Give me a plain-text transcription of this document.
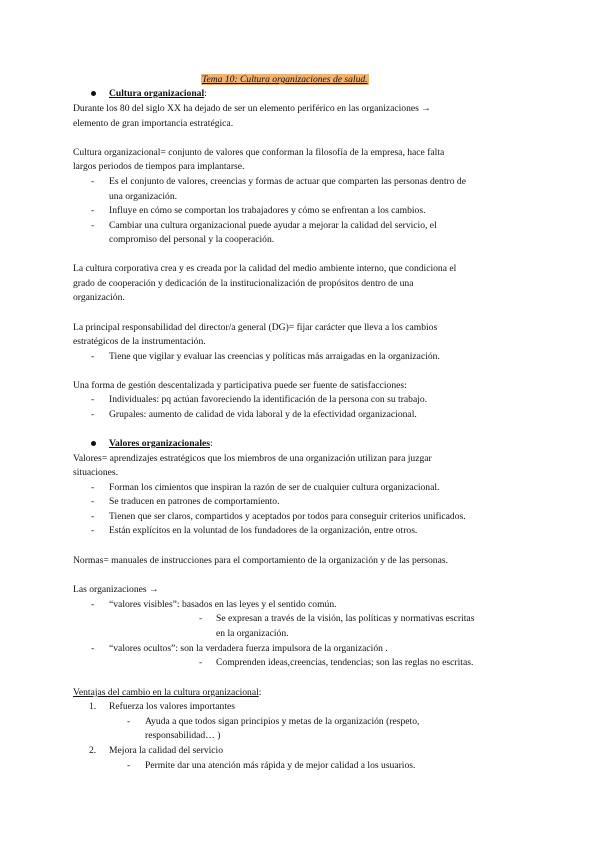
Tema 10: Cultura organizaciones de salud.
Cultura organizacional:
Durante los 80 del siglo XX ha dejado de ser un elemento periférico en las organizaciones →
elemento de gran importancia estratégica.
Cultura organizacional= conjunto de valores que conforman la filosofía de la empresa, hace falta
largos periodos de tiempos para implantarse.
- Es el conjunto de valores, creencias y formas de actuar que comparten las personas dentro de
una organización.
- Influye en cómo se comportan los trabajadores y cómo se enfrentan a los cambios.
- Cambiar una cultura organizacional puede ayudar a mejorar la calidad del servicio, el
compromiso del personal y la cooperación.
La cultura corporativa crea y es creada por la calidad del medio ambiente interno, que condiciona el
grado de cooperación y dedicación de la institucionalización de propósitos dentro de una
organización.
La principal responsabilidad del director/a general (DG)= fijar carácter que lleva a los cambios
estratégicos de la instrumentación.
- Tiene que vigilar y evaluar las creencias y políticas más arraigadas en la organización.
Una forma de gestión descentalizada y participativa puede ser fuente de satisfacciones:
- Individuales: pq actúan favoreciendo la identificación de la persona con su trabajo.
- Grupales: aumento de calidad de vida laboral y de la efectividad organizacional.
Valores organizacionales:
Valores= aprendizajes estratégicos que los miembros de una organización utilizan para juzgar
situaciones.
- Forman los cimientos que inspiran la razón de ser de cualquier cultura organizacional.
- Se traducen en patrones de comportamiento.
- Tienen que ser claros, compartidos y aceptados por todos para conseguir criterios unificados.
- Están explícitos en la voluntad de los fundadores de la organización, entre otros.
Normas= manuales de instrucciones para el comportamiento de la organización y de las personas.
Las organizaciones →
- “valores visibles”: basados en las leyes y el sentido común.
- Se expresan a través de la visión, las políticas y normativas escritas
en la organización.
- “valores ocultos”: son la verdadera fuerza impulsora de la organización .
- Comprenden ideas,creencias, tendencias; son las reglas no escritas.
Ventajas del cambio en la cultura organizacional:
1. Refuerza los valores importantes
- Ayuda a que todos sigan principios y metas de la organización (respeto,
responsabilidad… )
2. Mejora la calidad del servicio
- Permite dar una atención más rápida y de mejor calidad a los usuarios.
